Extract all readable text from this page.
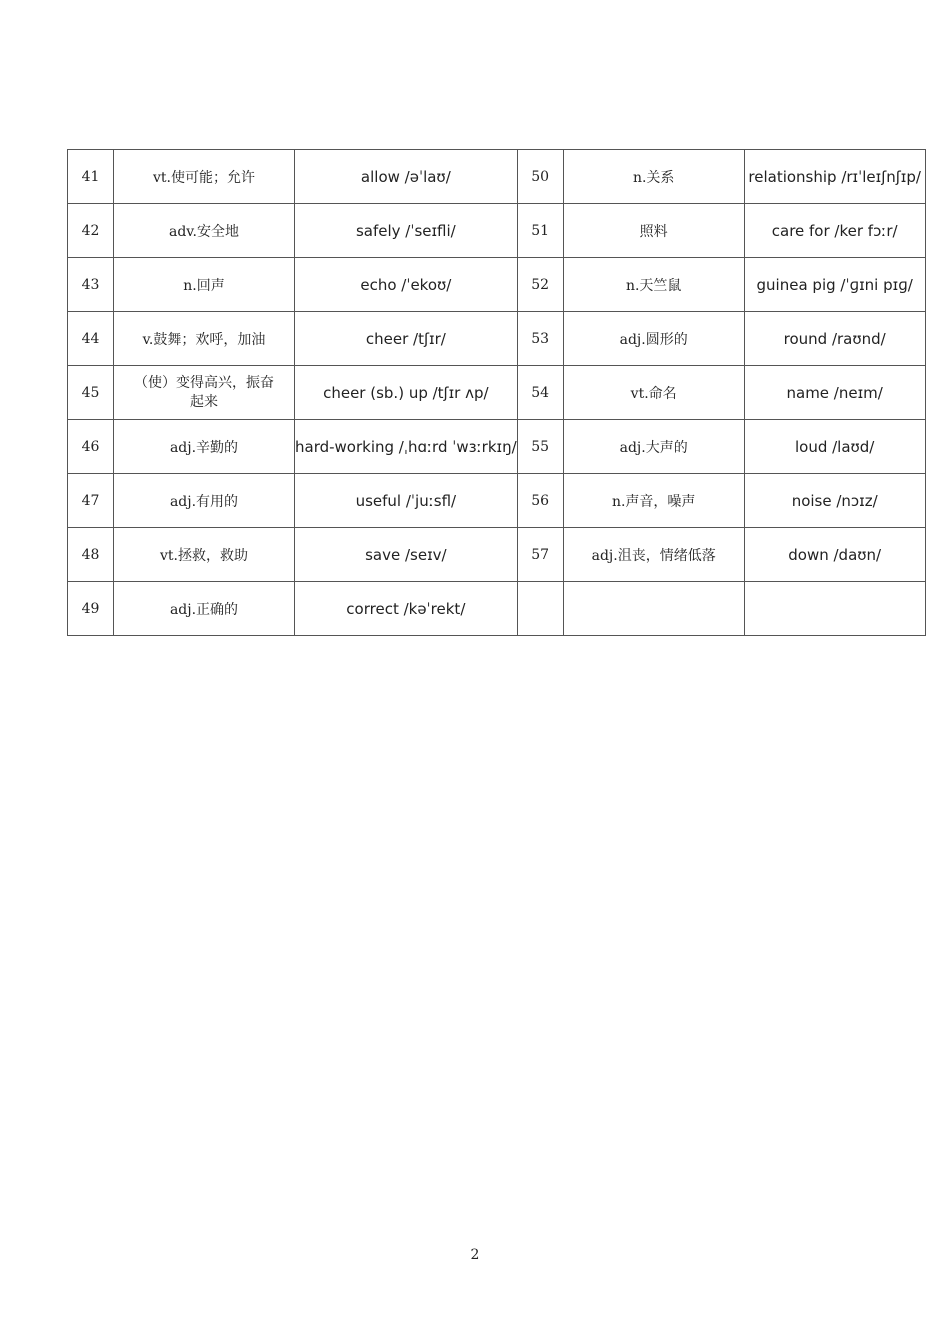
41	vt.使可能；允许	allow /əˈlaʊ/	50	n.关系	relationship /rɪˈleɪʃnʃɪp/
42	adv.安全地	safely /ˈseɪfli/	51	照料	care for /ker fɔːr/
43	n.回声	echo /ˈekoʊ/	52	n.天竺鼠	guinea pig /ˈɡɪni pɪɡ/
44	v.鼓舞；欢呼，加油	cheer /tʃɪr/	53	adj.圆形的	round /raʊnd/
45	（使）变得高兴，振奋
起来	cheer (sb.) up /tʃɪr ʌp/	54	vt.命名	name /neɪm/
46	adj.辛勤的	hard-working /ˌhɑːrd ˈwɜːrkɪŋ/	55	adj.大声的	loud /laʊd/
47	adj.有用的	useful /ˈjuːsfl/	56	n.声音，噪声	noise /nɔɪz/
48	vt.拯救，救助	save /seɪv/	57	adj.沮丧，情绪低落	down /daʊn/
49	adj.正确的	correct /kəˈrekt/			
2
